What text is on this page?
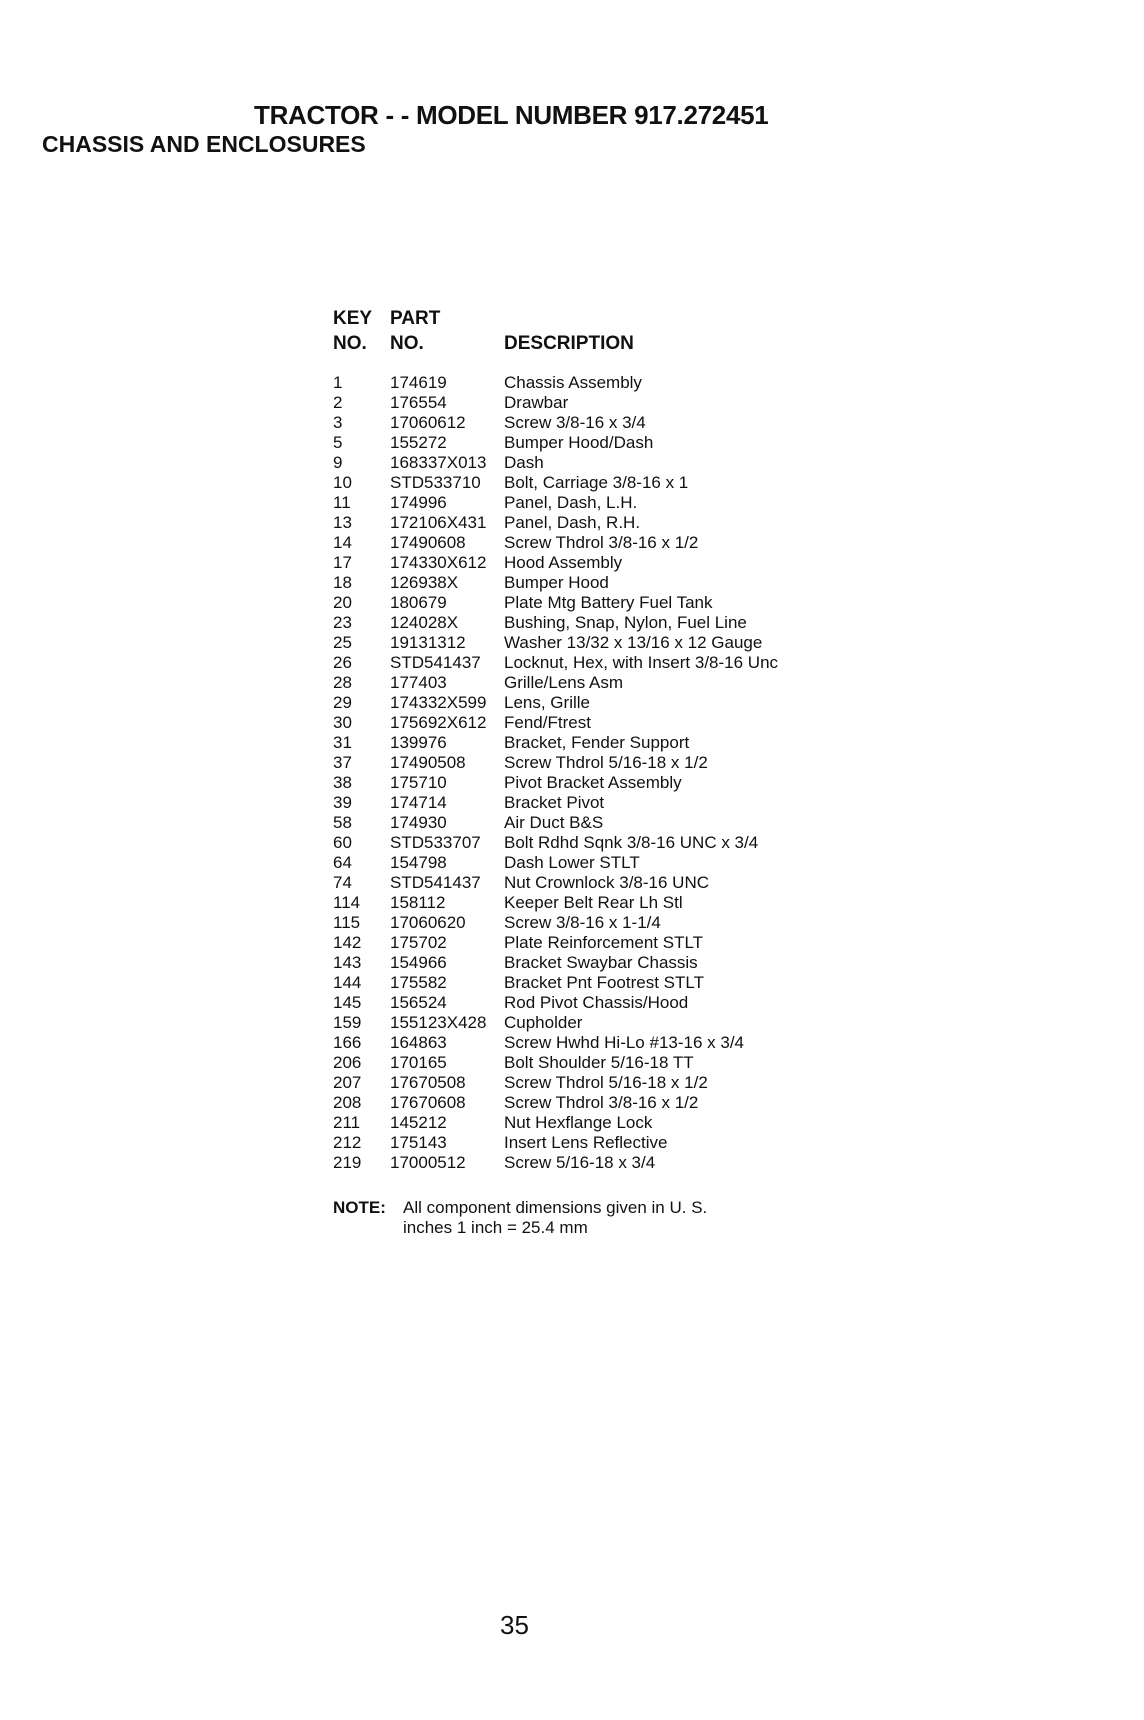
TRACTOR - - MODEL NUMBER 917.272451
CHASSIS AND ENCLOSURES
KEY PART
NO. NO.	DESCRIPTION
1	174619	Chassis Assembly
2	176554	Drawbar
3	17060612 Screw 3/8-16 x 3/4
5	155272	Bumper Hood/Dash
9	168337X013 Dash
10 STD533710 Bolt, Carriage 3/8-16 x 1
11 174996	Panel, Dash, L.H.
13 172106X431 Panel, Dash, R.H.
14 17490608 Screw Thdrol 3/8-16 x 1/2
17 174330X612 Hood Assembly
18 126938X	Bumper Hood
20 180679	Plate Mtg Battery Fuel Tank
23 124028X	Bushing, Snap, Nylon, Fuel Line
25 19131312 Washer 13/32 x 13/16 x 12 Gauge
26 STD541437 Locknut, Hex, with Insert 3/8-16 Unc
28 177403	Grille/Lens Asm
29 174332X599 Lens, Grille
30 175692X612 Fend/Ftrest
31 139976	Bracket, Fender Support
37 17490508 Screw Thdrol 5/16-18 x 1/2
38 175710	Pivot Bracket Assembly
39 174714	Bracket Pivot
58 174930	Air Duct B&S
60 STD533707 Bolt Rdhd Sqnk 3/8-16 UNC x 3/4
64 154798	Dash Lower STLT
74 STD541437 Nut Crownlock 3/8-16 UNC
114 158112	Keeper Belt Rear Lh Stl
115 17060620 Screw 3/8-16 x 1-1/4
142 175702	Plate Reinforcement STLT
143 154966	Bracket Swaybar Chassis
144 175582	Bracket Pnt Footrest STLT
145 156524	Rod Pivot Chassis/Hood
159 155123X428 Cupholder
166 164863	Screw Hwhd Hi-Lo #13-16 x 3/4
206 170165	Bolt Shoulder 5/16-18 TT
207 17670508 Screw Thdrol 5/16-18 x 1/2
208 17670608 Screw Thdrol 3/8-16 x 1/2
211 145212	Nut Hexflange Lock
212 175143	Insert Lens Reflective
219 17000512 Screw 5/16-18 x 3/4
NOTE: All component dimensions given in U. S.
inches 1 inch = 25.4 mm
35
